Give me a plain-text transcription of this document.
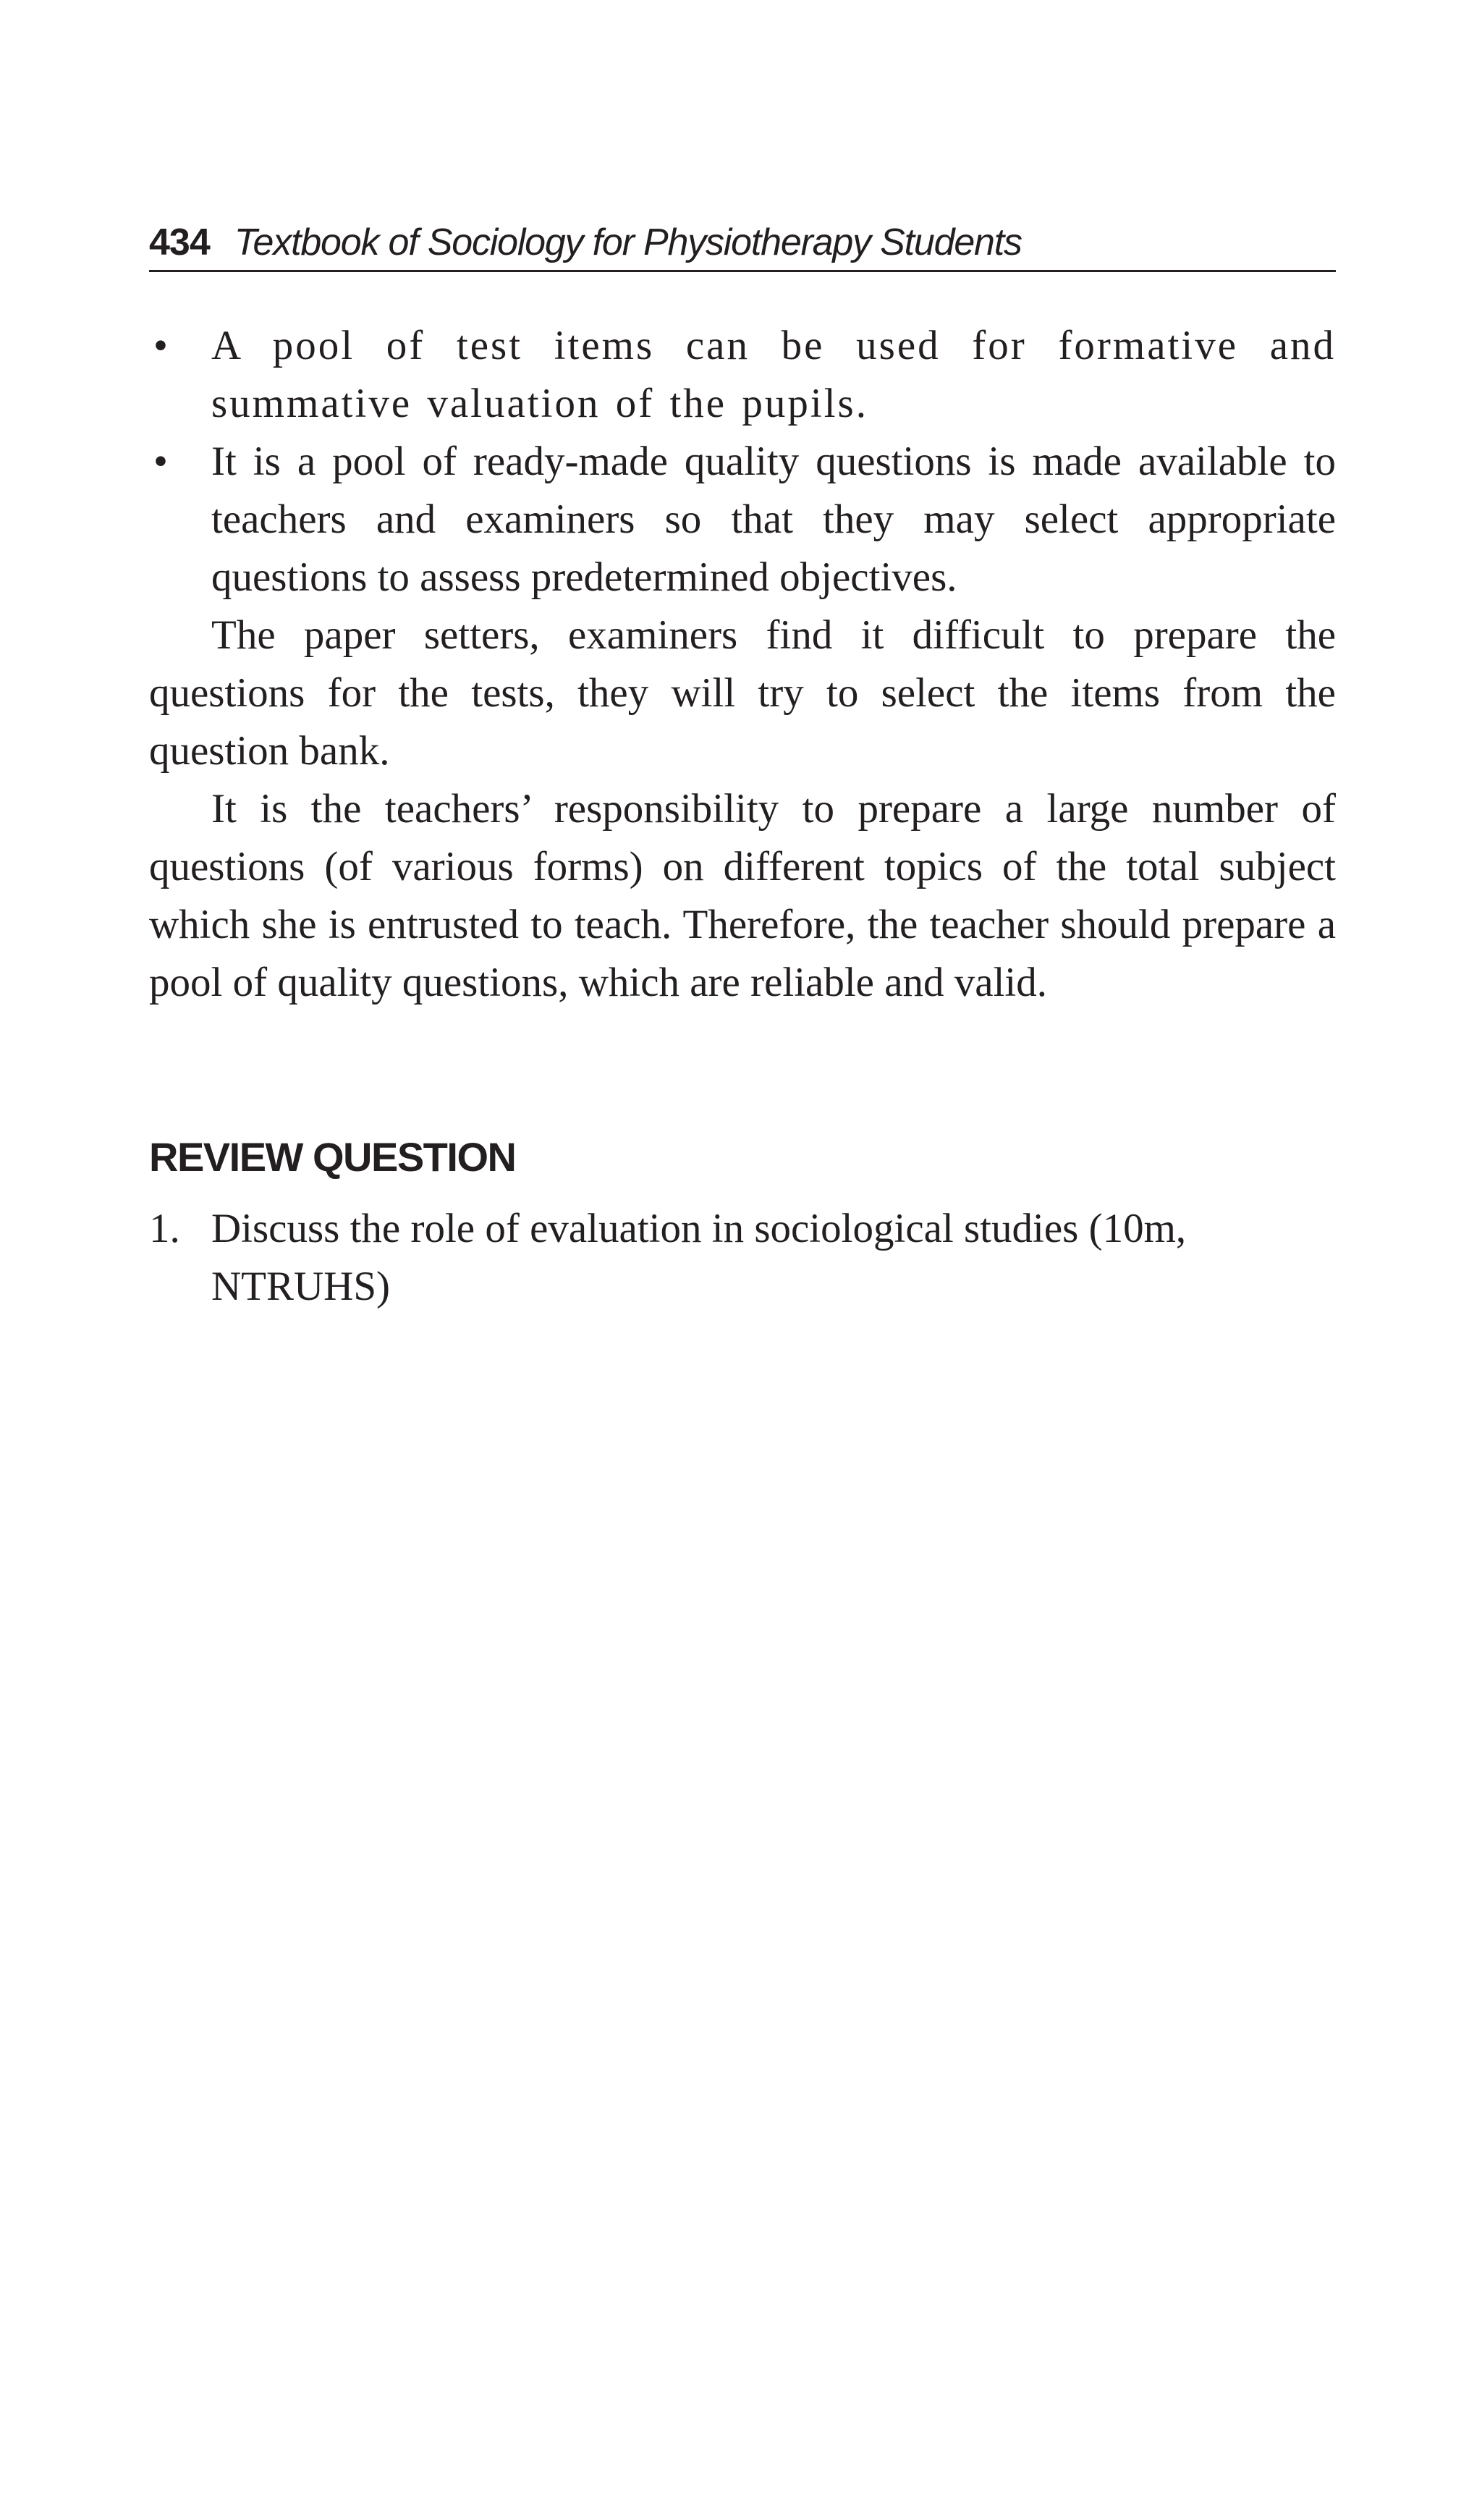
434 Textbook of Sociology for Physiotherapy Students
• A pool of test items can be used for formative and summative valuation of the pupils.
•	It is a pool of ready-made quality questions is made available to teachers and examiners so that they may select appropriate questions to assess predetermined objectives.

The paper setters, examiners find it difficult to prepare the questions for the tests, they will try to select the items from the question bank.

It is the teachers’ responsibility to prepare a large number of questions (of various forms) on different topics of the total subject which she is entrusted to teach. Therefore, the teacher should prepare a pool of quality questions, which are reliable and valid.

REVIEW QUESTION
1. Discuss the role of evaluation in sociological studies (10m, NTRUHS)
